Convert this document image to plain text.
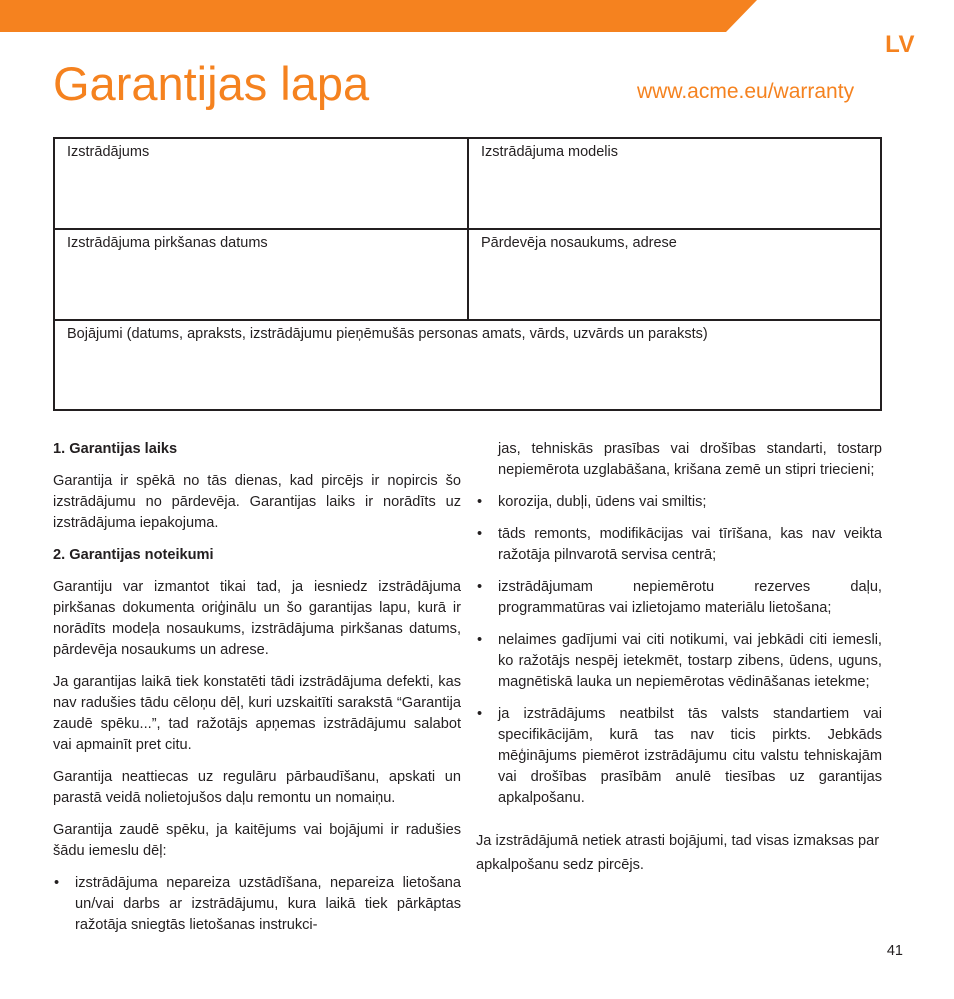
LV
Garantijas lapa	www.acme.eu/warranty
Izstrādājums	Izstrādājuma modelis
Izstrādājuma pirkšanas datums	Pārdevēja nosaukums, adrese
Bojājumi (datums, apraksts, izstrādājumu pieņēmušās personas amats, vārds, uzvārds un paraksts)
1. Garantijas laiks

Garantija ir spēkā no tās dienas, kad pircējs ir nopircis šo izstrādājumu no pārdevēja. Garantijas laiks ir norādīts uz izstrādājuma iepakojuma.

2. Garantijas noteikumi

Garantiju var izmantot tikai tad, ja iesniedz izstrādājuma pirkšanas dokumenta oriģinālu un šo garantijas lapu, kurā ir norādīts modeļa nosaukums, izstrādājuma pirkšanas datums, pārdevēja nosaukums un adrese.

Ja garantijas laikā tiek konstatēti tādi izstrādājuma defekti, kas nav radušies tādu cēloņu dēļ, kuri uzskaitīti sarakstā “Garantija zaudē spēku...”, tad ražotājs apņemas izstrādājumu salabot vai apmainīt pret citu.

Garantija neattiecas uz regulāru pārbaudīšanu, apskati un parastā veidā nolietojušos daļu remontu un nomaiņu.

Garantija zaudē spēku, ja kaitējums vai bojājumi ir radušies šādu iemeslu dēļ:

• izstrādājuma nepareiza uzstādīšana, nepareiza lietošana un/vai darbs ar izstrādājumu, kura laikā tiek pārkāptas ražotāja sniegtās lietošanas instrukci-

jas, tehniskās prasības vai drošības standarti, tostarp nepiemērota uzglabāšana, krišana zemē un stipri triecieni;

• korozija, dubļi, ūdens vai smiltis;
• tāds remonts, modifikācijas vai tīrīšana, kas nav veikta ražotāja pilnvarotā servisa centrā;
• izstrādājumam nepiemērotu rezerves daļu, programmatūras vai izlietojamo materiālu lietošana;
• nelaimes gadījumi vai citi notikumi, vai jebkādi citi iemesli, ko ražotājs nespēj ietekmēt, tostarp zibens, ūdens, uguns, magnētiskā lauka un nepiemērotas vēdināšanas ietekme;
• ja izstrādājums neatbilst tās valsts standartiem vai specifikācijām, kurā tas nav ticis pirkts. Jebkāds mēģinājums piemērot izstrādājumu citu valstu tehniskajām vai drošības prasībām anulē tiesības uz garantijas apkalpošanu.

Ja izstrādājumā netiek atrasti bojājumi, tad visas izmaksas par apkalpošanu sedz pircējs.

41
